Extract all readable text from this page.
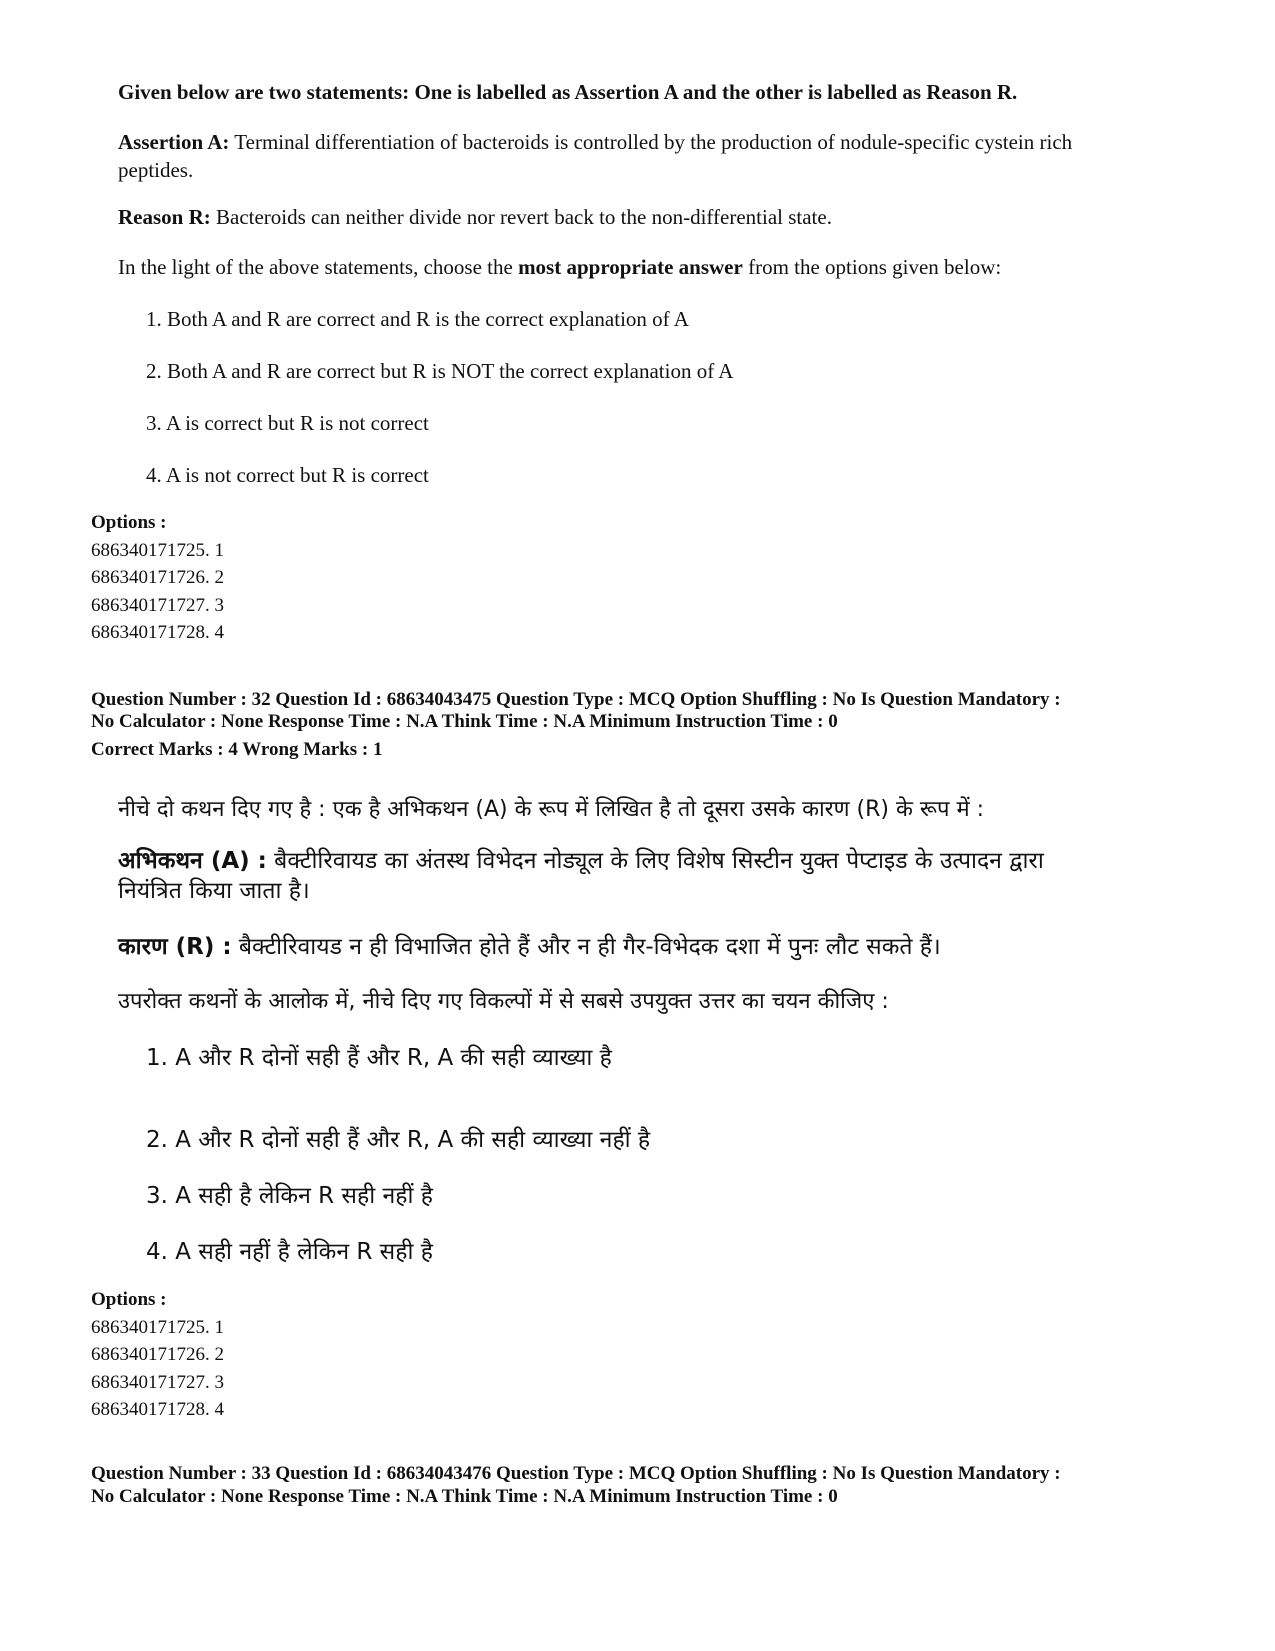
Given below are two statements: One is labelled as Assertion A and the other is labelled as Reason R.
Assertion A: Terminal differentiation of bacteroids is controlled by the production of nodule-specific cystein rich peptides.
Reason R: Bacteroids can neither divide nor revert back to the non-differential state.
In the light of the above statements, choose the most appropriate answer from the options given below:
1. Both A and R are correct and R is the correct explanation of A
2. Both A and R are correct but R is NOT the correct explanation of A
3. A is correct but R is not correct
4. A is not correct but R is correct
Options :
686340171725. 1
686340171726. 2
686340171727. 3
686340171728. 4
Question Number : 32 Question Id : 68634043475 Question Type : MCQ Option Shuffling : No Is Question Mandatory :
No Calculator : None Response Time : N.A Think Time : N.A Minimum Instruction Time : 0
Correct Marks : 4 Wrong Marks : 1
नीचे दो कथन दिए गए है : एक है अभिकथन (A) के रूप में लिखित है तो दूसरा उसके कारण (R) के रूप में :
अभिकथन (A) : बैक्टीरिवायड का अंतस्थ विभेदन नोड्यूल के लिए विशेष सिस्टीन युक्त पेप्टाइड के उत्पादन द्वारा नियंत्रित किया जाता है।
कारण (R) : बैक्टीरिवायड न ही विभाजित होते हैं और न ही गैर-विभेदक दशा में पुनः लौट सकते हैं।
उपरोक्त कथनों के आलोक में, नीचे दिए गए विकल्पों में से सबसे उपयुक्त उत्तर का चयन कीजिए :
1. A और R दोनों सही हैं और R, A की सही व्याख्या है
2. A और R दोनों सही हैं और R, A की सही व्याख्या नहीं है
3. A सही है लेकिन R सही नहीं है
4. A सही नहीं है लेकिन R सही है
Options :
686340171725. 1
686340171726. 2
686340171727. 3
686340171728. 4
Question Number : 33 Question Id : 68634043476 Question Type : MCQ Option Shuffling : No Is Question Mandatory :
No Calculator : None Response Time : N.A Think Time : N.A Minimum Instruction Time : 0
